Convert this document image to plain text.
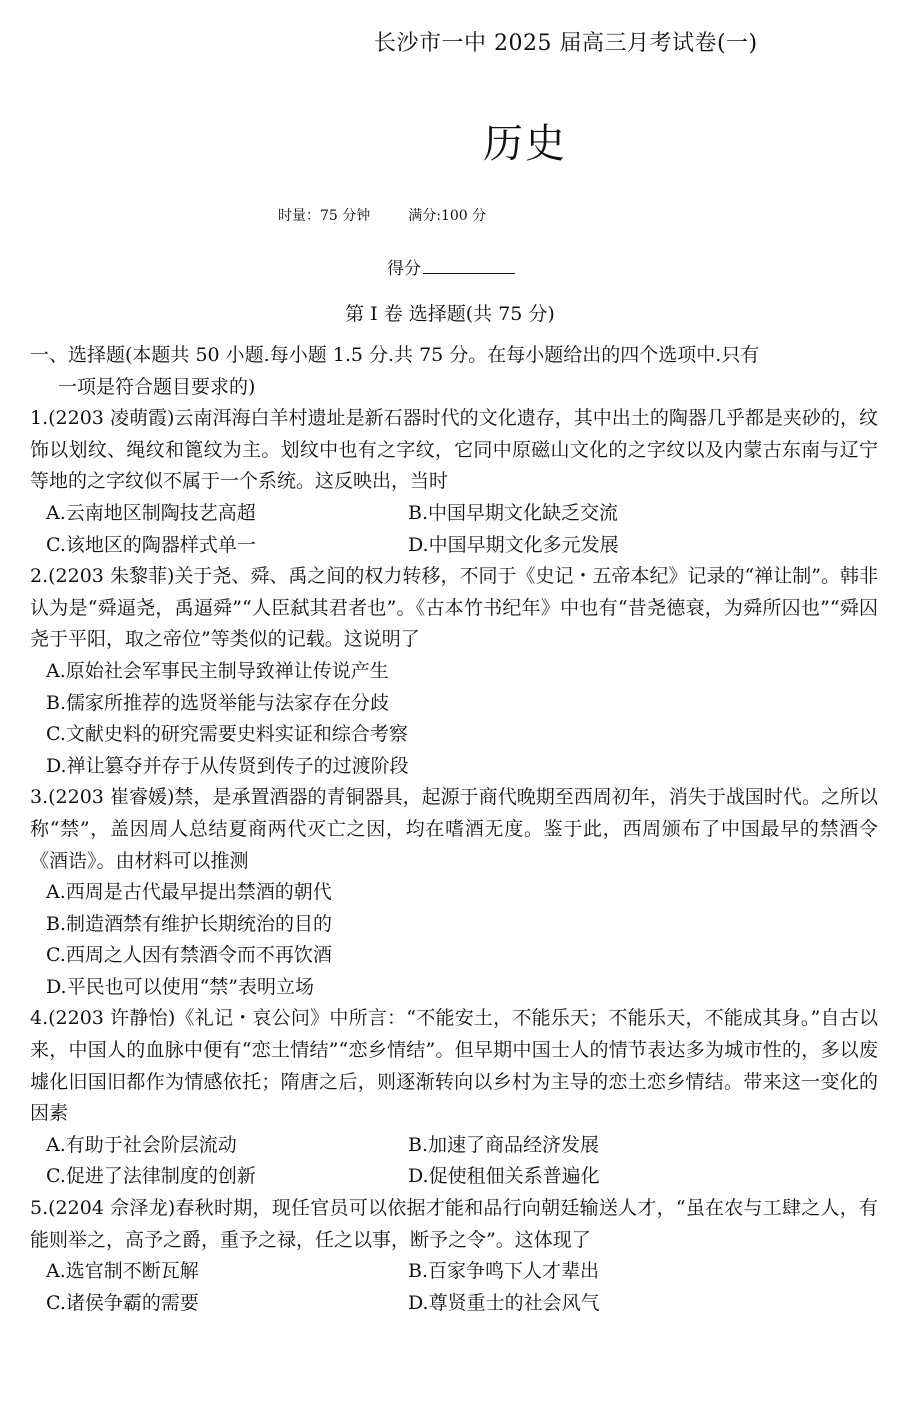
长沙市一中 2025 届高三月考试卷(一)
历史
时量：75 分钟	满分:100 分
得分
第 I 卷 选择题(共 75 分)

一、选择题(本题共 50 小题.每小题 1.5 分.共 75 分。在每小题给出的四个选项中.只有
一项是符合题目要求的)

1.(2203 凌萌霞)云南洱海白羊村遗址是新石器时代的文化遗存，其中出土的陶器几乎都是夹砂的，纹饰以划纹、绳纹和篦纹为主。划纹中也有之字纹，它同中原磁山文化的之字纹以及内蒙古东南与辽宁等地的之字纹似不属于一个系统。这反映出，当时

A.云南地区制陶技艺高超	B.中国早期文化缺乏交流
C.该地区的陶器样式单一	D.中国早期文化多元发展

2.(2203 朱黎菲)关于尧、舜、禹之间的权力转移，不同于《史记・五帝本纪》记录的“禅让制”。韩非认为是“舜逼尧，禹逼舜”“人臣弑其君者也”。《古本竹书纪年》中也有“昔尧德衰，为舜所囚也”“舜囚尧于平阳，取之帝位”等类似的记载。这说明了

A.原始社会军事民主制导致禅让传说产生

B.儒家所推荐的选贤举能与法家存在分歧

C.文献史料的研究需要史料实证和综合考察

D.禅让篡夺并存于从传贤到传子的过渡阶段

3.(2203 崔睿媛)禁，是承置酒器的青铜器具，起源于商代晚期至西周初年，消失于战国时代。之所以称“禁”，盖因周人总结夏商两代灭亡之因，均在嗜酒无度。鉴于此，西周颁布了中国最早的禁酒令《酒诰》。由材料可以推测

A.西周是古代最早提出禁酒的朝代

B.制造酒禁有维护长期统治的目的

C.西周之人因有禁酒令而不再饮酒

D.平民也可以使用“禁”表明立场

4.(2203 许静怡)《礼记・哀公问》中所言：“不能安土，不能乐天；不能乐天，不能成其身。”自古以来，中国人的血脉中便有“恋土情结”“恋乡情结”。但早期中国士人的情节表达多为城市性的，多以废墟化旧国旧都作为情感依托；隋唐之后，则逐渐转向以乡村为主导的恋土恋乡情结。带来这一变化的因素

A.有助于社会阶层流动	B.加速了商品经济发展
C.促进了法律制度的创新	D.促使租佃关系普遍化

5.(2204 佘泽龙)春秋时期，现任官员可以依据才能和品行向朝廷输送人才，“虽在农与工肆之人，有能则举之，高予之爵，重予之禄，任之以事，断予之令”。这体现了

A.选官制不断瓦解	B.百家争鸣下人才辈出
C.诸侯争霸的需要	D.尊贤重士的社会风气
